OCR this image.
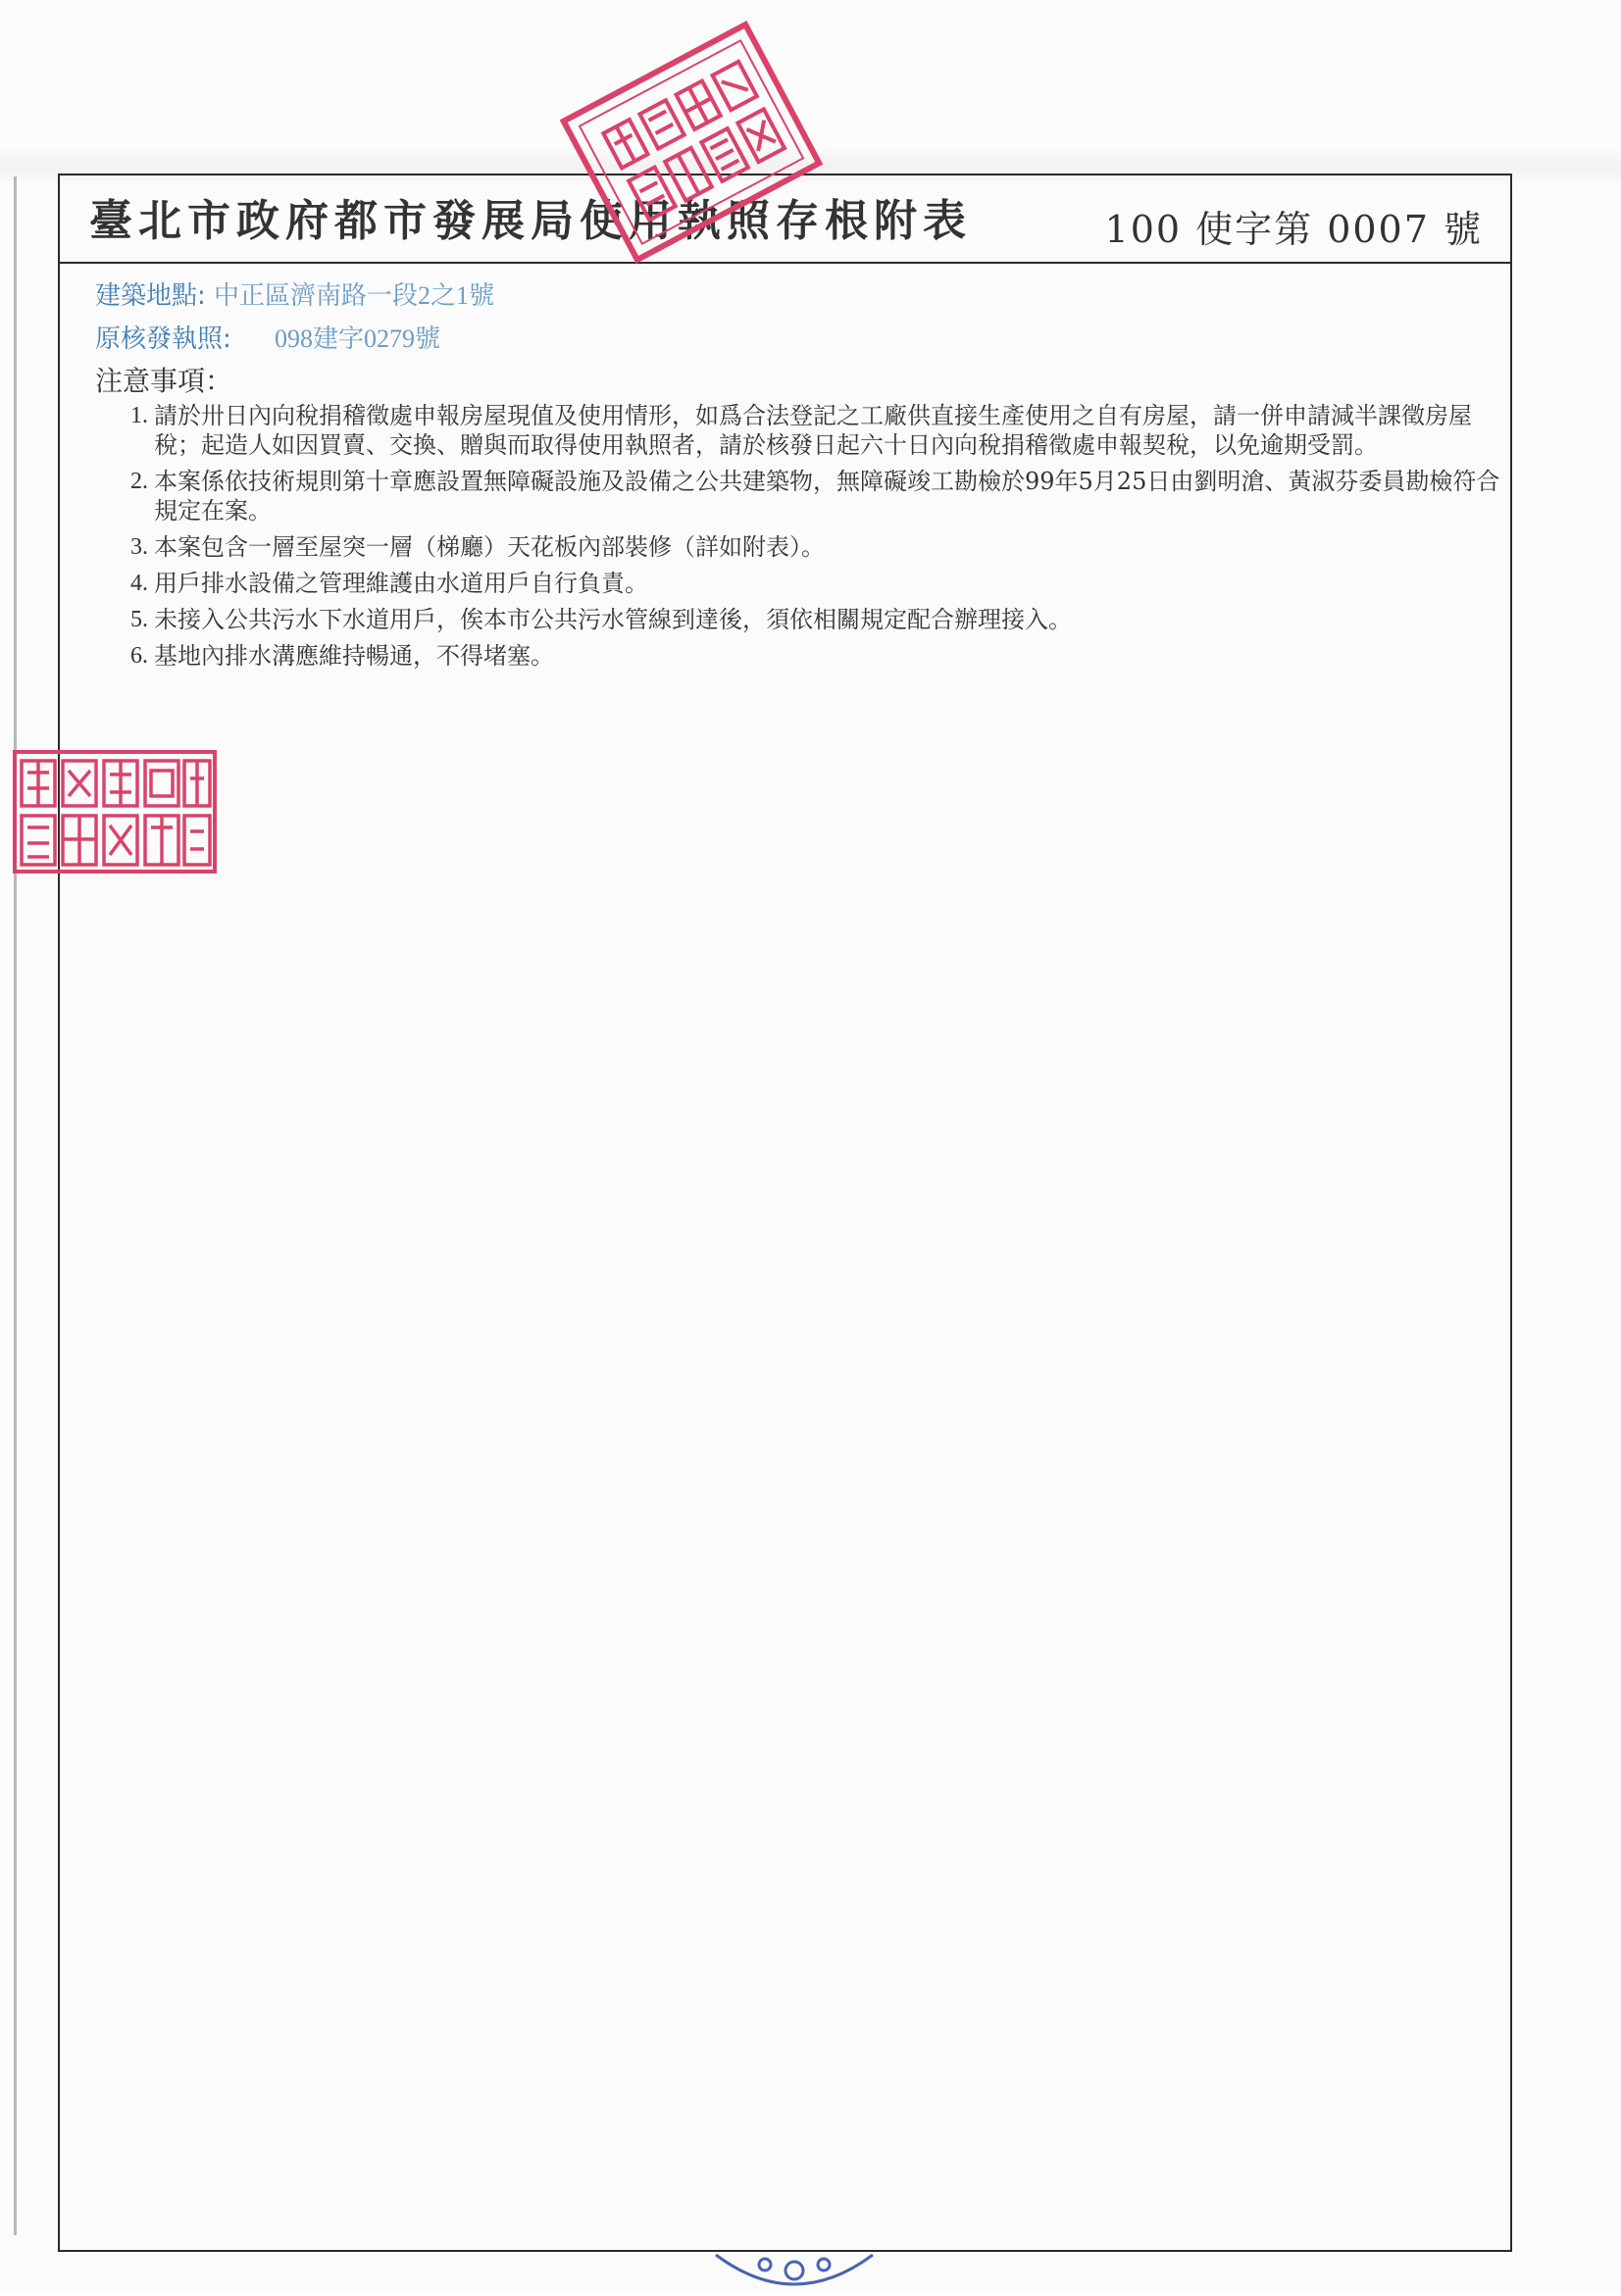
臺北市政府都市發展局使用執照存根附表	100 使字第 0007 號
建築地點: 中正區濟南路一段2之1號
原核發執照: 098建字0279號
注意事項：
1. 請於卅日內向稅捐稽徵處申報房屋現值及使用情形，如爲合法登記之工廠供直接生產使用之自有房屋，請一併申請減半課徵房屋稅；起造人如因買賣、交換、贈與而取得使用執照者，請於核發日起六十日內向稅捐稽徵處申報契稅，以免逾期受罰。
2. 本案係依技術規則第十章應設置無障礙設施及設備之公共建築物，無障礙竣工勘檢於99年5月25日由劉明滄、黃淑芬委員勘檢符合規定在案。
3. 本案包含一層至屋突一層（梯廳）天花板內部裝修（詳如附表）。
4. 用戶排水設備之管理維護由水道用戶自行負責。
5. 未接入公共污水下水道用戶，俟本市公共污水管線到達後，須依相關規定配合辦理接入。
6. 基地內排水溝應維持暢通，不得堵塞。
